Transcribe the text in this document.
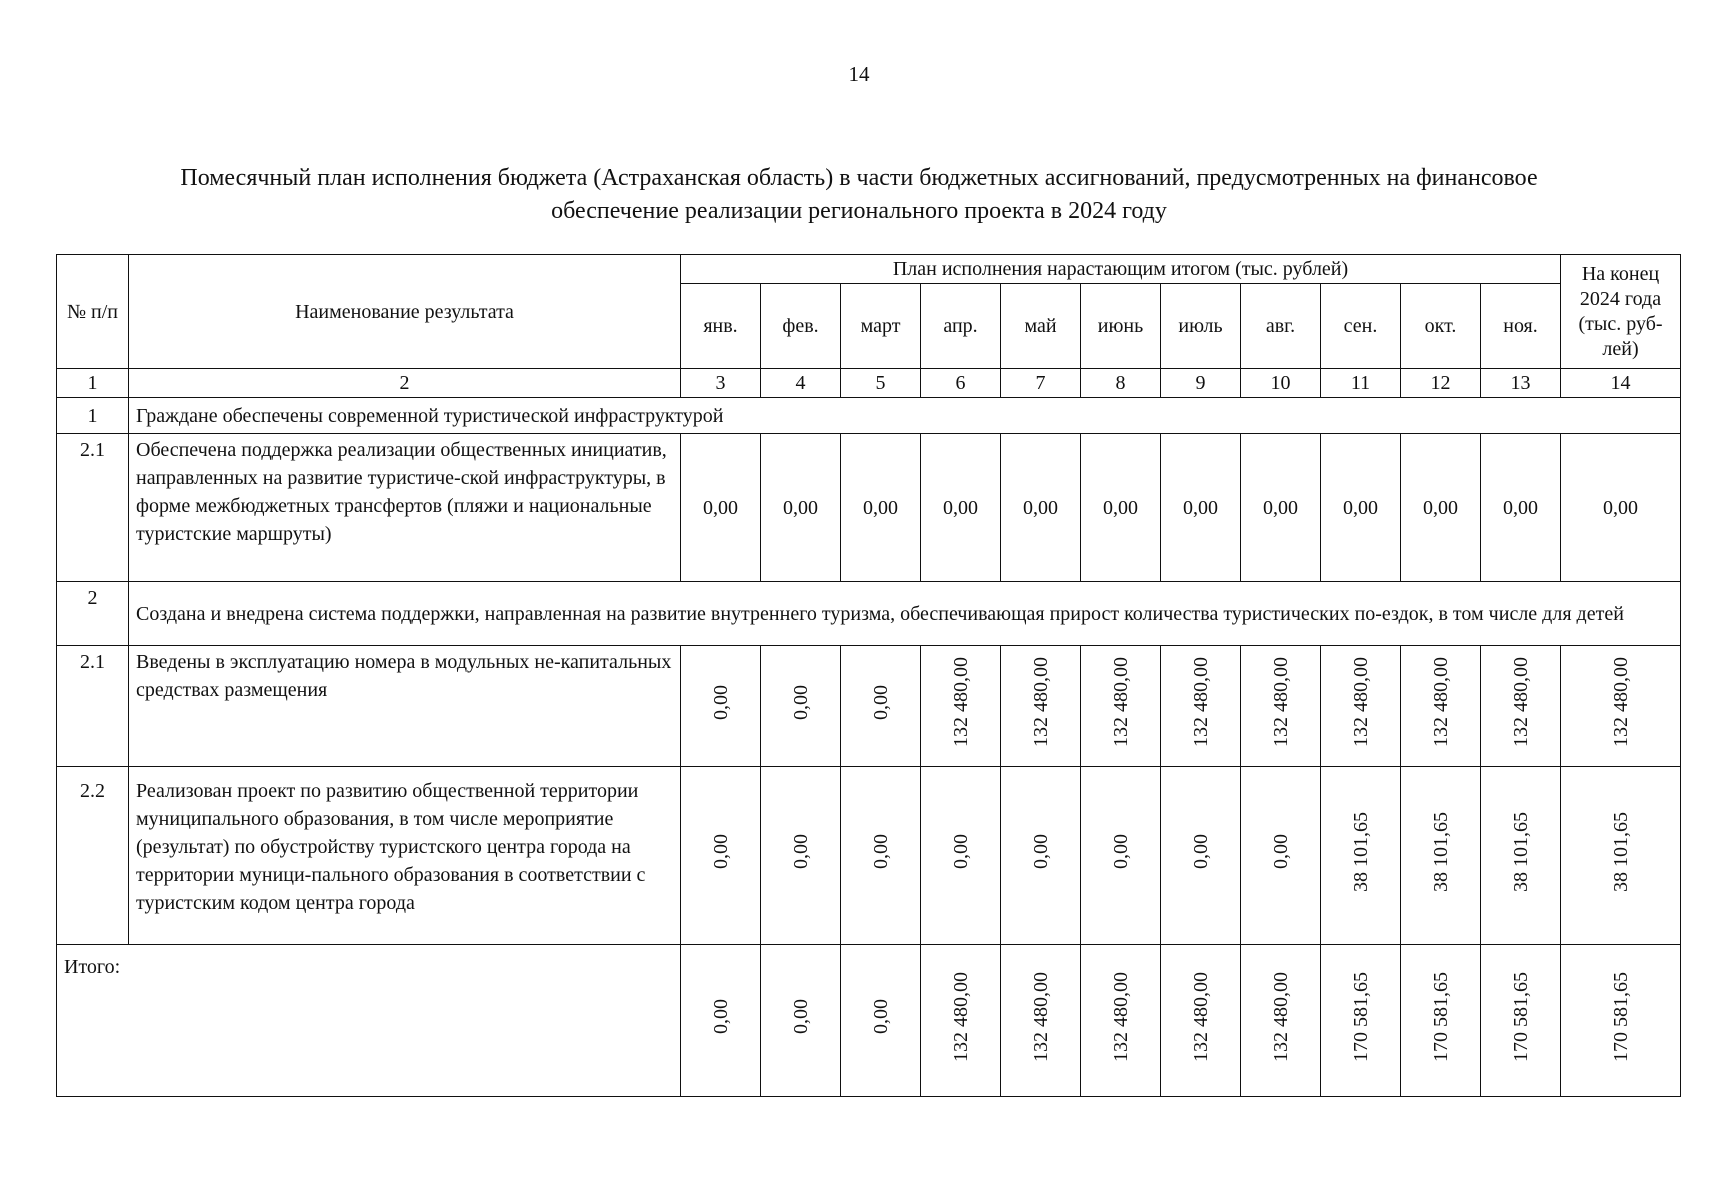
14
Помесячный план исполнения бюджета (Астраханская область) в части бюджетных ассигнований, предусмотренных на финансовое
обеспечение реализации регионального проекта в 2024 году
№ п/п	Наименование результата	План исполнения нарастающим итогом (тыс. рублей)											На конец 2024 года (тыс. руб-лей)
		янв.	фев.	март	апр.	май	июнь	июль	авг.	сен.	окт.	ноя.	
1	2	3	4	5	6	7	8	9	10	11	12	13	14
1	Граждане обеспечены современной туристической инфраструктурой												
2.1	Обеспечена поддержка реализации общественных инициатив, направленных на развитие туристиче-ской инфраструктуры, в форме межбюджетных трансфертов (пляжи и национальные туристские маршруты)	0,00	0,00	0,00	0,00	0,00	0,00	0,00	0,00	0,00	0,00	0,00	0,00
2	Создана и внедрена система поддержки, направленная на развитие внутреннего туризма, обеспечивающая прирост количества туристических по-ездок, в том числе для детей												
2.1	Введены в эксплуатацию номера в модульных не-капитальных средствах размещения	0,00	0,00	0,00	132 480,00	132 480,00	132 480,00	132 480,00	132 480,00	132 480,00	132 480,00	132 480,00	132 480,00
2.2	Реализован проект по развитию общественной территории муниципального образования, в том числе мероприятие (результат) по обустройству туристского центра города на территории муници-пального образования в соответствии с туристским кодом центра города	0,00	0,00	0,00	0,00	0,00	0,00	0,00	0,00	38 101,65	38 101,65	38 101,65	38 101,65
Итого:		0,00	0,00	0,00	132 480,00	132 480,00	132 480,00	132 480,00	132 480,00	170 581,65	170 581,65	170 581,65	170 581,65
